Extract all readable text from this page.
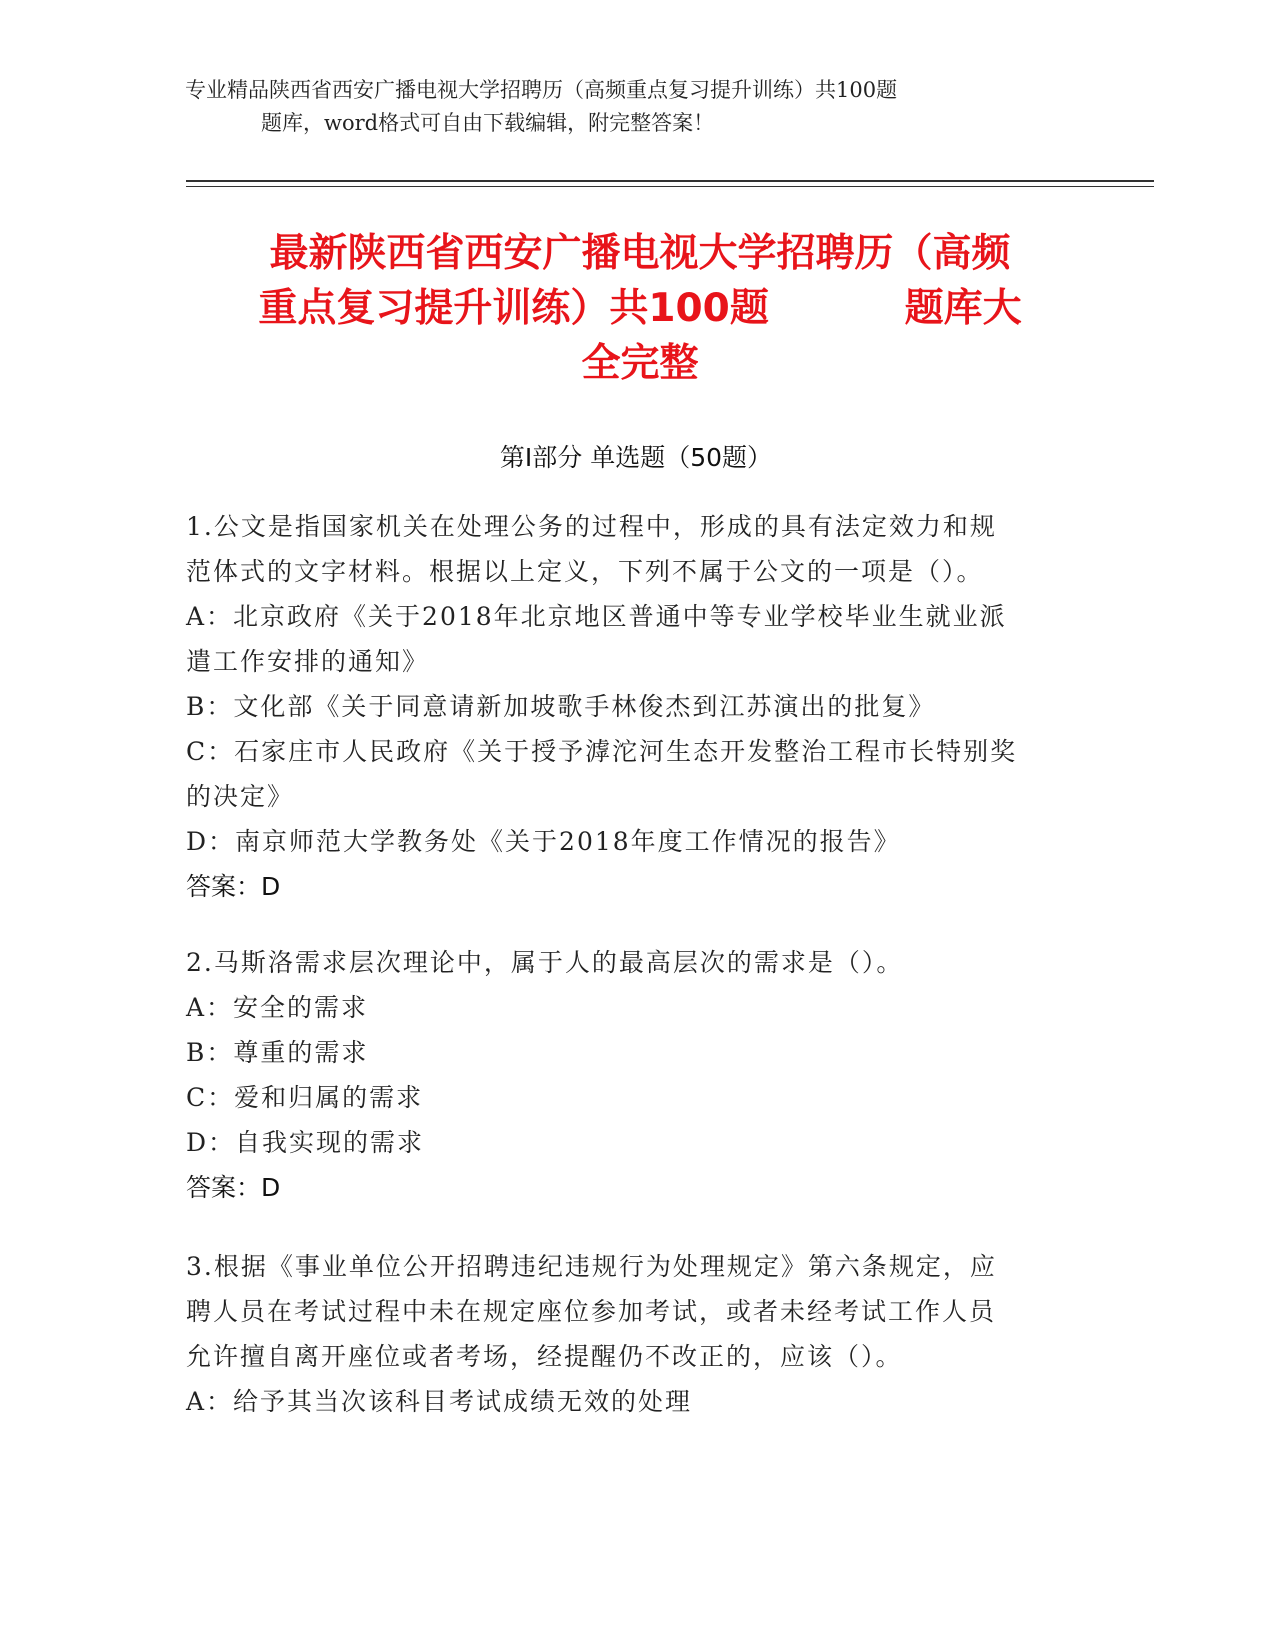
专业精品陕西省西安广播电视大学招聘历（高频重点复习提升训练）共100题
题库，word格式可自由下载编辑，附完整答案！
最新陕西省西安广播电视大学招聘历（高频
重点复习提升训练）共100题          题库大
全完整
第Ⅰ部分 单选题（50题）
1.公文是指国家机关在处理公务的过程中，形成的具有法定效力和规
范体式的文字材料。根据以上定义，下列不属于公文的一项是（）。
A：北京政府《关于2018年北京地区普通中等专业学校毕业生就业派
遣工作安排的通知》
B：文化部《关于同意请新加坡歌手林俊杰到江苏演出的批复》
C：石家庄市人民政府《关于授予滹沱河生态开发整治工程市长特别奖
的决定》
D：南京师范大学教务处《关于2018年度工作情况的报告》
答案：D
2.马斯洛需求层次理论中，属于人的最高层次的需求是（）。
A：安全的需求
B：尊重的需求
C：爱和归属的需求
D：自我实现的需求
答案：D
3.根据《事业单位公开招聘违纪违规行为处理规定》第六条规定，应
聘人员在考试过程中未在规定座位参加考试，或者未经考试工作人员
允许擅自离开座位或者考场，经提醒仍不改正的，应该（）。
A：给予其当次该科目考试成绩无效的处理
